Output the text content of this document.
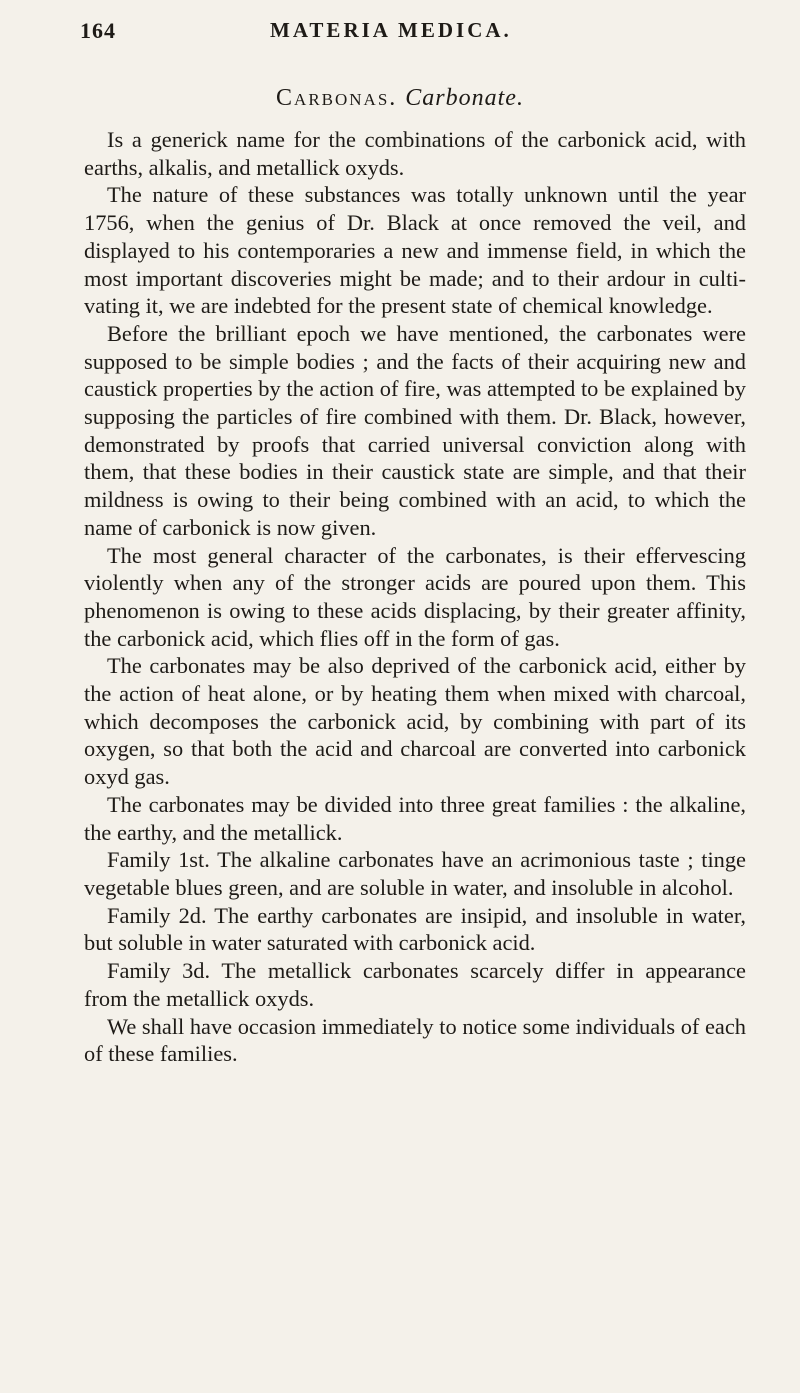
164	MATERIA MEDICA.
Carbonas. Carbonate.

Is a generick name for the combinations of the carbonick acid, with earths, alkalis, and metallick oxyds.

The nature of these substances was totally unknown until the year 1756, when the genius of Dr. Black at once removed the veil, and displayed to his contemporaries a new and immense field, in which the most important discoveries might be made; and to their ardour in cultivating it, we are indebted for the present state of chemical knowledge.

Before the brilliant epoch we have mentioned, the carbonates were supposed to be simple bodies ; and the facts of their acquiring new and caustick properties by the action of fire, was attempted to be explained by supposing the particles of fire combined with them. Dr. Black, however, demonstrated by proofs that carried universal conviction along with them, that these bodies in their caustick state are simple, and that their mildness is owing to their being combined with an acid, to which the name of carbonick is now given.

The most general character of the carbonates, is their effervescing violently when any of the stronger acids are poured upon them. This phenomenon is owing to these acids displacing, by their greater affinity, the carbonick acid, which flies off in the form of gas.

The carbonates may be also deprived of the carbonick acid, either by the action of heat alone, or by heating them when mixed with charcoal, which decomposes the carbonick acid, by combining with part of its oxygen, so that both the acid and charcoal are converted into carbonick oxyd gas.

The carbonates may be divided into three great families : the alkaline, the earthy, and the metallick.

Family 1st. The alkaline carbonates have an acrimonious taste ; tinge vegetable blues green, and are soluble in water, and insoluble in alcohol.

Family 2d. The earthy carbonates are insipid, and insoluble in water, but soluble in water saturated with carbonick acid.

Family 3d. The metallick carbonates scarcely differ in appearance from the metallick oxyds.

We shall have occasion immediately to notice some individuals of each of these families.
